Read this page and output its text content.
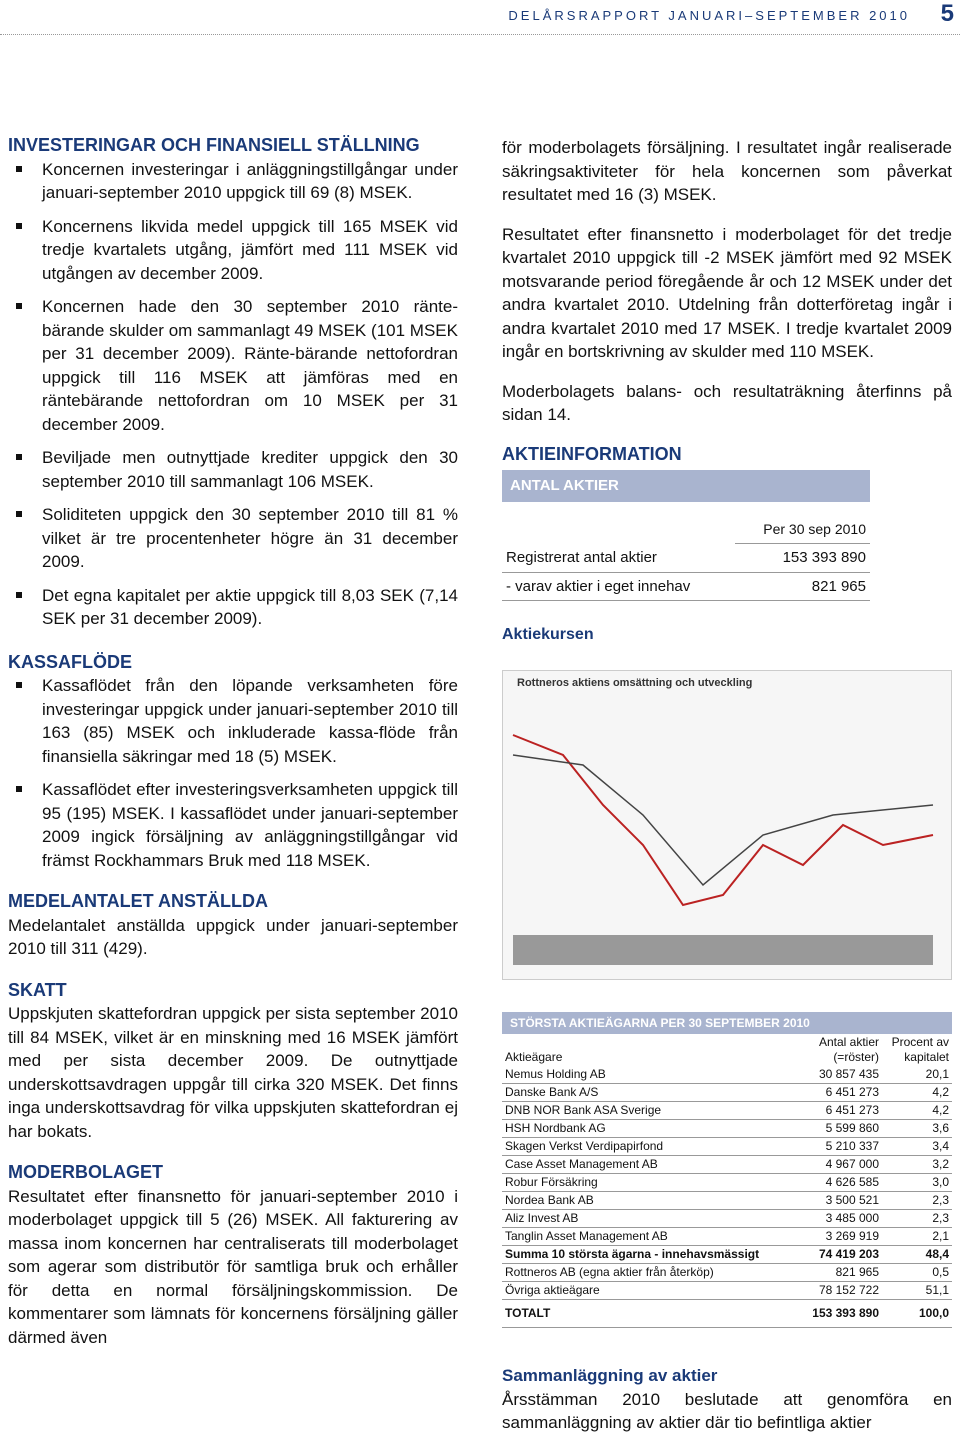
DELÅRSRAPPORT JANUARI–SEPTEMBER 2010 5
INVESTERINGAR OCH FINANSIELL STÄLLNING
Koncernen investeringar i anläggningstillgångar under januari-september 2010 uppgick till 69 (8) MSEK.
Koncernens likvida medel uppgick till 165 MSEK vid tredje kvartalets utgång, jämfört med 111 MSEK vid utgången av december 2009.
Koncernen hade den 30 september 2010 ränte-bärande skulder om sammanlagt 49 MSEK (101 MSEK per 31 december 2009). Ränte-bärande nettofordran uppgick till 116 MSEK att jämföras med en räntebärande nettofordran om 10 MSEK per 31 december 2009.
Beviljade men outnyttjade krediter uppgick den 30 september 2010 till sammanlagt 106 MSEK.
Soliditeten uppgick den 30 september 2010 till 81 % vilket är tre procentenheter högre än 31 december 2009.
Det egna kapitalet per aktie uppgick till 8,03 SEK (7,14 SEK per 31 december 2009).
KASSAFLÖDE
Kassaflödet från den löpande verksamheten före investeringar uppgick under januari-september 2010 till 163 (85) MSEK och inkluderade kassa-flöde från finansiella säkringar med 18 (5) MSEK.
Kassaflödet efter investeringsverksamheten uppgick till 95 (195) MSEK. I kassaflödet under januari-september 2009 ingick försäljning av anläggningstillgångar vid främst Rockhammars Bruk med 118 MSEK.
MEDELANTALET ANSTÄLLDA

Medelantalet anställda uppgick under januari-september 2010 till 311 (429).

SKATT

Uppskjuten skattefordran uppgick per sista september 2010 till 84 MSEK, vilket är en minskning med 16 MSEK jämfört med per sista december 2009. De outnyttjade underskottsavdragen uppgår till cirka 320 MSEK. Det finns inga underskottsavdrag för vilka uppskjuten skattefordran ej har bokats.

MODERBOLAGET

Resultatet efter finansnetto för januari-september 2010 i moderbolaget uppgick till 5 (26) MSEK. All fakturering av massa inom koncernen har centraliserats till moderbolaget som agerar som distributör för samtliga bruk och erhåller för detta en normal försäljningskommission. De kommentarer som lämnats för koncernens försäljning gäller därmed även

för moderbolagets försäljning. I resultatet ingår realiserade säkringsaktiviteter för hela koncernen som påverkat resultatet med 16 (3) MSEK.

Resultatet efter finansnetto i moderbolaget för det tredje kvartalet 2010 uppgick till -2 MSEK jämfört med 92 MSEK motsvarande period föregående år och 12 MSEK under det andra kvartalet 2010. Utdelning från dotterföretag ingår i andra kvartalet 2010 med 17 MSEK. I tredje kvartalet 2009 ingår en bortskrivning av skulder med 110 MSEK.

Moderbolagets balans- och resultaträkning återfinns på sidan 14.

AKTIEINFORMATION
ANTAL AKTIER
	Per 30 sep 2010
Registrerat antal aktier	153 393 890
- varav aktier i eget innehav	821 965
Aktiekursen
Rottneros aktiens omsättning och utveckling
STÖRSTA AKTIEÄGARNA PER 30 SEPTEMBER 2010
Aktieägare	Antal aktier (=röster)	Procent av kapitalet
Nemus Holding AB	30 857 435	20,1
Danske Bank A/S	6 451 273	4,2
DNB NOR Bank ASA Sverige	6 451 273	4,2
HSH Nordbank AG	5 599 860	3,6
Skagen Verkst Verdipapirfond	5 210 337	3,4
Case Asset Management AB	4 967 000	3,2
Robur Försäkring	4 626 585	3,0
Nordea Bank AB	3 500 521	2,3
Aliz Invest AB	3 485 000	2,3
Tanglin Asset Management AB	3 269 919	2,1
Summa 10 största ägarna - innehavsmässigt	74 419 203	48,4
Rottneros AB (egna aktier från återköp)	821 965	0,5
Övriga aktieägare	78 152 722	51,1
TOTALT	153 393 890	100,0
Sammanläggning av aktier

Årsstämman 2010 beslutade att genomföra en sammanläggning av aktier där tio befintliga aktier
